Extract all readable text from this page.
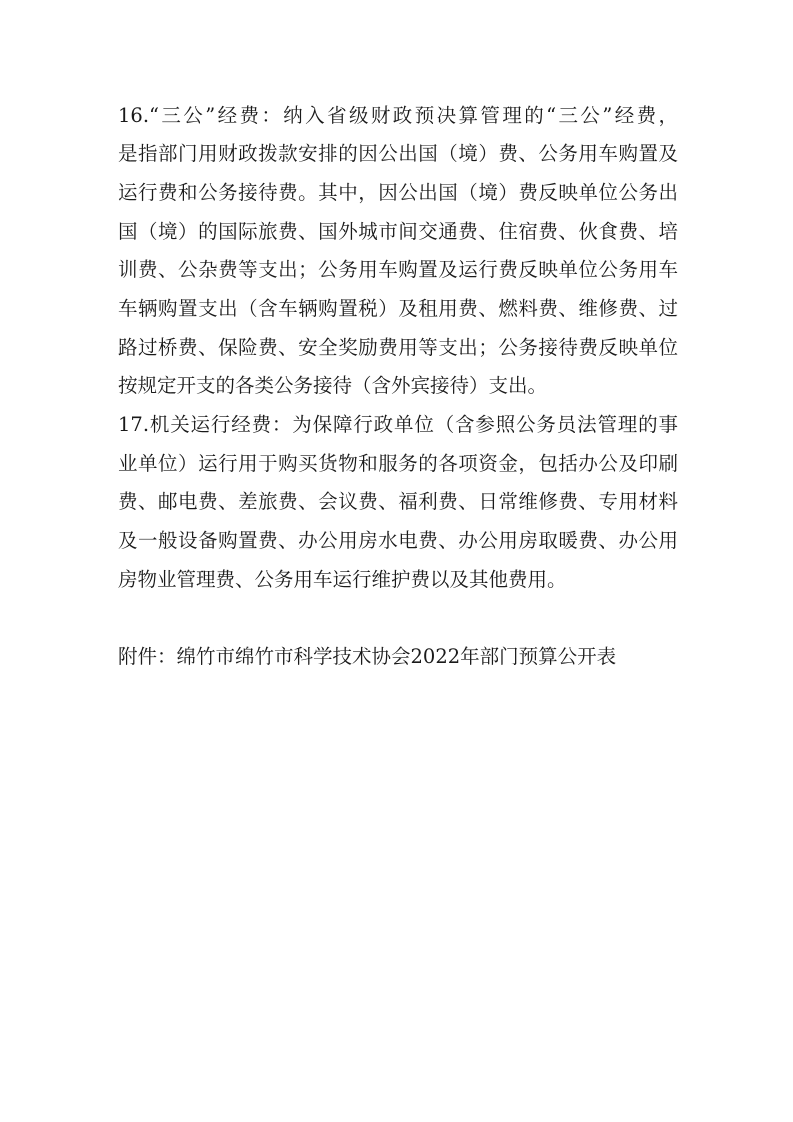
16.“三公”经费：纳入省级财政预决算管理的“三公”经费，
是指部门用财政拨款安排的因公出国（境）费、公务用车购置及
运行费和公务接待费。其中，因公出国（境）费反映单位公务出
国（境）的国际旅费、国外城市间交通费、住宿费、伙食费、培
训费、公杂费等支出；公务用车购置及运行费反映单位公务用车
车辆购置支出（含车辆购置税）及租用费、燃料费、维修费、过
路过桥费、保险费、安全奖励费用等支出；公务接待费反映单位
按规定开支的各类公务接待（含外宾接待）支出。
17.机关运行经费：为保障行政单位（含参照公务员法管理的事
业单位）运行用于购买货物和服务的各项资金，包括办公及印刷
费、邮电费、差旅费、会议费、福利费、日常维修费、专用材料
及一般设备购置费、办公用房水电费、办公用房取暖费、办公用
房物业管理费、公务用车运行维护费以及其他费用。
附件：绵竹市绵竹市科学技术协会2022年部门预算公开表
